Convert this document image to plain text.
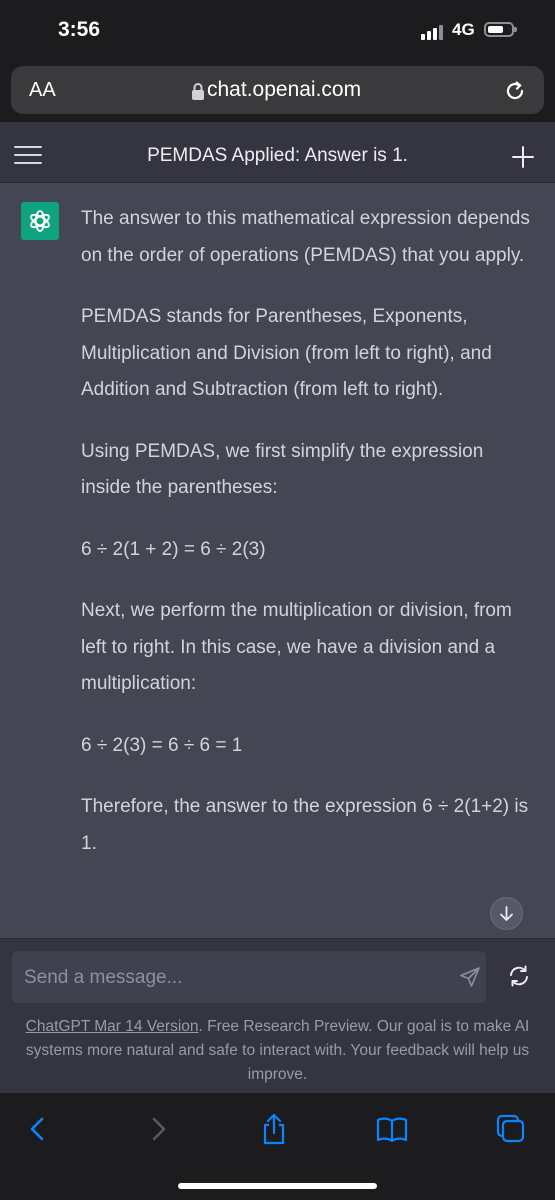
3:56	4G
AA	chat.openai.com
PEMDAS Applied: Answer is 1.

The answer to this mathematical expression depends on the order of operations (PEMDAS) that you apply.

PEMDAS stands for Parentheses, Exponents, Multiplication and Division (from left to right), and Addition and Subtraction (from left to right).

Using PEMDAS, we first simplify the expression inside the parentheses:

6 ÷ 2(1 + 2) = 6 ÷ 2(3)

Next, we perform the multiplication or division, from left to right. In this case, we have a division and a multiplication:

6 ÷ 2(3) = 6 ÷ 6 = 1

Therefore, the answer to the expression 6 ÷ 2(1+2) is 1.

Send a message...
ChatGPT Mar 14 Version. Free Research Preview. Our goal is to make AI systems more natural and safe to interact with. Your feedback will help us improve.
